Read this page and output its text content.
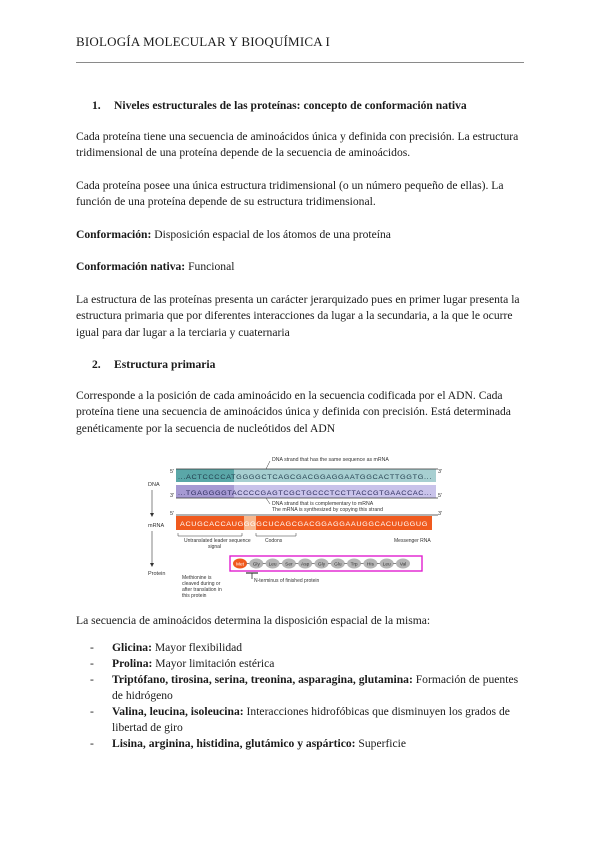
BIOLOGÍA MOLECULAR Y BIOQUÍMICA I
1. Niveles estructurales de las proteínas: concepto de conformación nativa

Cada proteína tiene una secuencia de aminoácidos única y definida con precisión. La estructura tridimensional de una proteína depende de la secuencia de aminoácidos.

Cada proteína posee una única estructura tridimensional (o un número pequeño de ellas). La función de una proteína depende de su estructura tridimensional.

Conformación: Disposición espacial de los átomos de una proteína

Conformación nativa: Funcional

La estructura de las proteínas presenta un carácter jerarquizado pues en primer lugar presenta la estructura primaria que por diferentes interacciones da lugar a la secundaria, a la que le ocurre igual para dar lugar a la terciaria y cuaternaria

2. Estructura primaria

Corresponde a la posición de cada aminoácido en la secuencia codificada por el ADN. Cada proteína tiene una secuencia de aminoácidos única y definida con precisión. Está determinada genéticamente por la secuencia de nucleótidos del ADN

5'	3'
3'	5'
5'	3'
...ACTCCCCATGGGGCTCAGCGACGGAGGAATGGCACTTGGTG...
...TGAGGGGTACCCCGAGTCGCTGCCCTCCTTACCGTGAACCAC...
ACUGCACCAUGGGGCUCAGCGACGGAGGAAUGGCACUUGGUG
DNA
mRNA
Protein
DNA strand that has the same sequence as mRNA
DNA strand that is complementary to mRNA
The mRNA is synthesized by copying this strand
Untranslated leader sequence
signal
Codons	Messenger RNA
Met Gly Leu Ser Asp Gly Glu Trp His Leu Val
Methionine is cleaved during or after translation in this protein
N-terminus of finished protein

La secuencia de aminoácidos determina la disposición espacial de la misma:

- Glicina: Mayor flexibilidad
- Prolina: Mayor limitación estérica
- Triptófano, tirosina, serina, treonina, asparagina, glutamina: Formación de puentes de hidrógeno
- Valina, leucina, isoleucina: Interacciones hidrofóbicas que disminuyen los grados de libertad de giro
- Lisina, arginina, histidina, glutámico y aspártico: Superficie
